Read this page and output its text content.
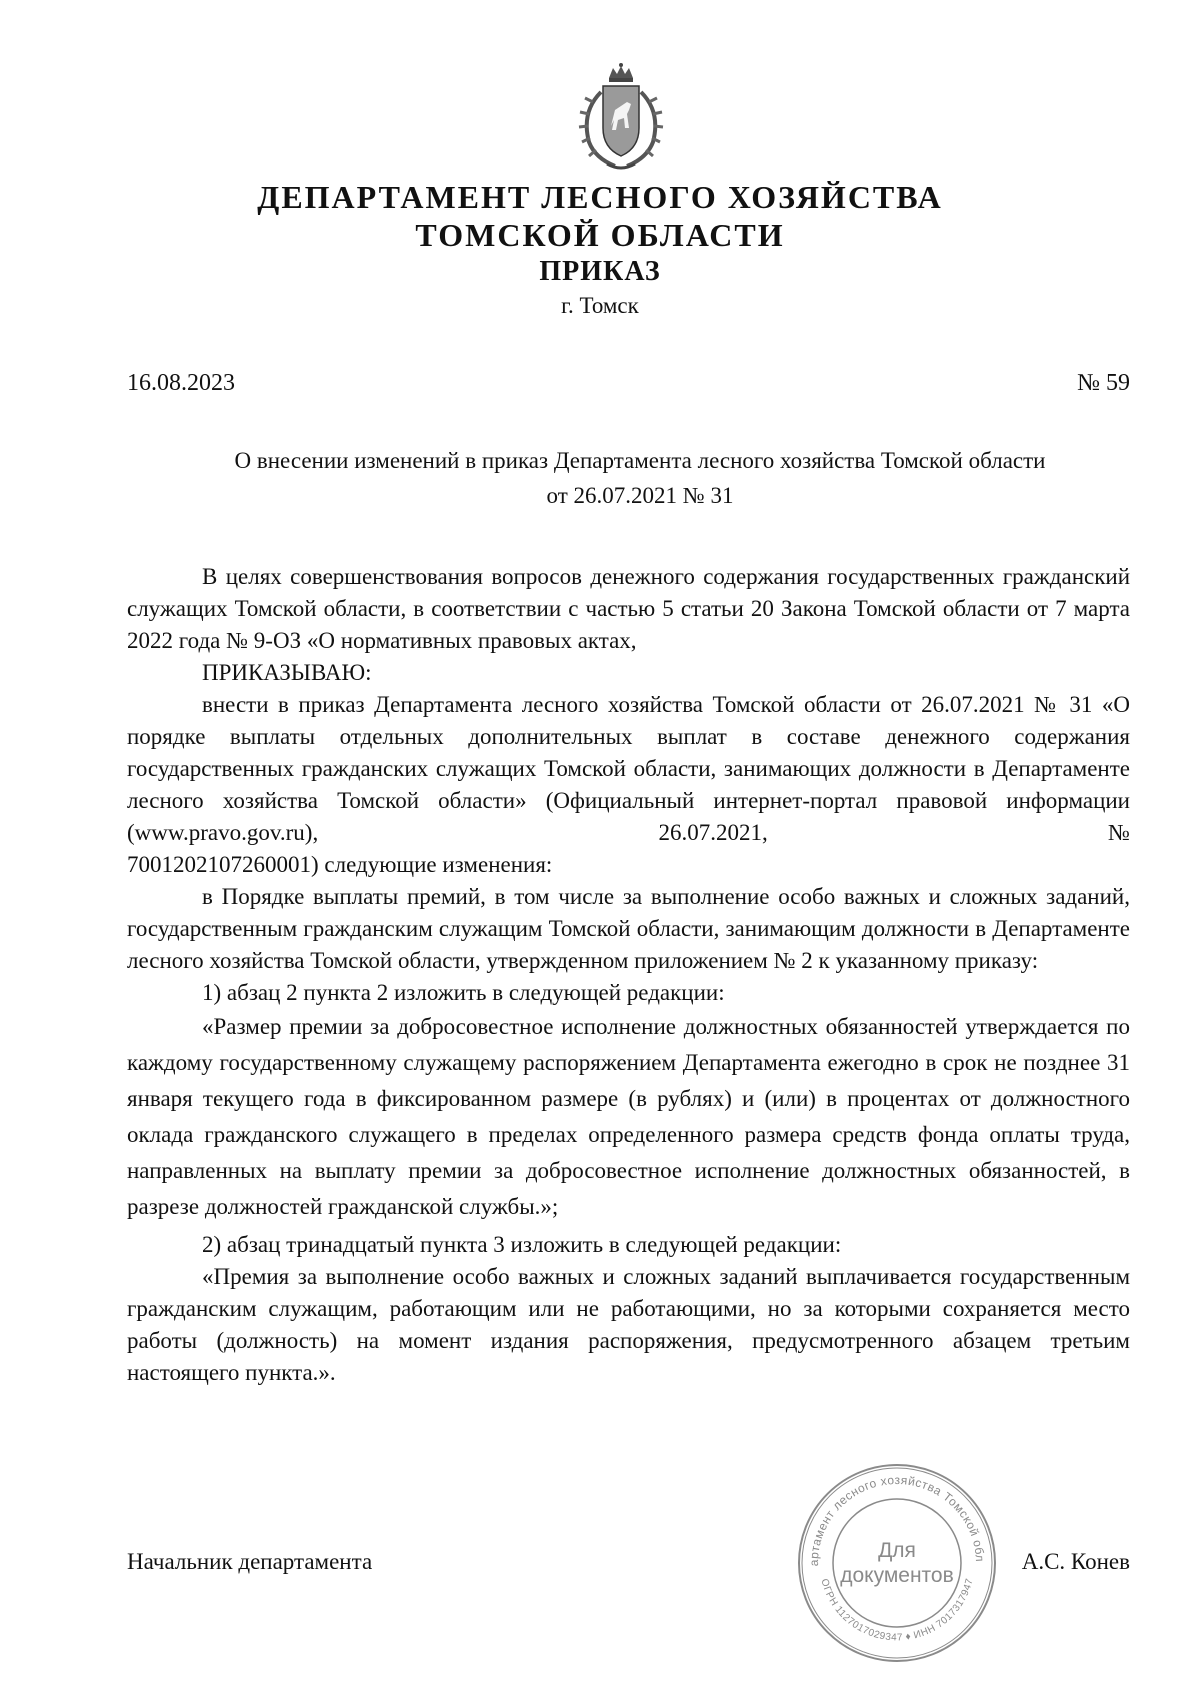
ДЕПАРТАМЕНТ ЛЕСНОГО ХОЗЯЙСТВА
ТОМСКОЙ ОБЛАСТИ
ПРИКАЗ
г. Томск
16.08.2023	№ 59
О внесении изменений в приказ Департамента лесного хозяйства Томской области
от 26.07.2021 № 31

В целях совершенствования вопросов денежного содержания государственных гражданский служащих Томской области, в соответствии с частью 5 статьи 20 Закона Томской области от 7 марта 2022 года № 9-ОЗ «О нормативных правовых актах,

ПРИКАЗЫВАЮ:

внести в приказ Департамента лесного хозяйства Томской области от 26.07.2021 № 31 «О порядке выплаты отдельных дополнительных выплат в составе денежного содержания государственных гражданских служащих Томской области, занимающих должности в Департаменте лесного хозяйства Томской области» (Официальный интернет-портал правовой информации (www.pravo.gov.ru), 26.07.2021, №

7001202107260001) следующие изменения:

в Порядке выплаты премий, в том числе за выполнение особо важных и сложных заданий, государственным гражданским служащим Томской области, занимающим должности в Департаменте лесного хозяйства Томской области, утвержденном приложением № 2 к указанному приказу:

1) абзац 2 пункта 2 изложить в следующей редакции:

«Размер премии за добросовестное исполнение должностных обязанностей утверждается по каждому государственному служащему распоряжением Департамента ежегодно в срок не позднее 31 января текущего года в фиксированном размере (в рублях) и (или) в процентах от должностного оклада гражданского служащего в пределах определенного размера средств фонда оплаты труда, направленных на выплату премии за добросовестное исполнение должностных обязанностей, в разрезе должностей гражданской службы.»;

2) абзац тринадцатый пункта 3 изложить в следующей редакции:

«Премия за выполнение особо важных и сложных заданий выплачивается государственным гражданским служащим, работающим или не работающими, но за которыми сохраняется место работы (должность) на момент издания распоряжения, предусмотренного абзацем третьим настоящего пункта.».

Начальник департамента	А.С. Конев
артамент лесного хозяйства Томской обл
ОГРН 1127017029347 ♦ ИНН 7017317947
Для
документов
